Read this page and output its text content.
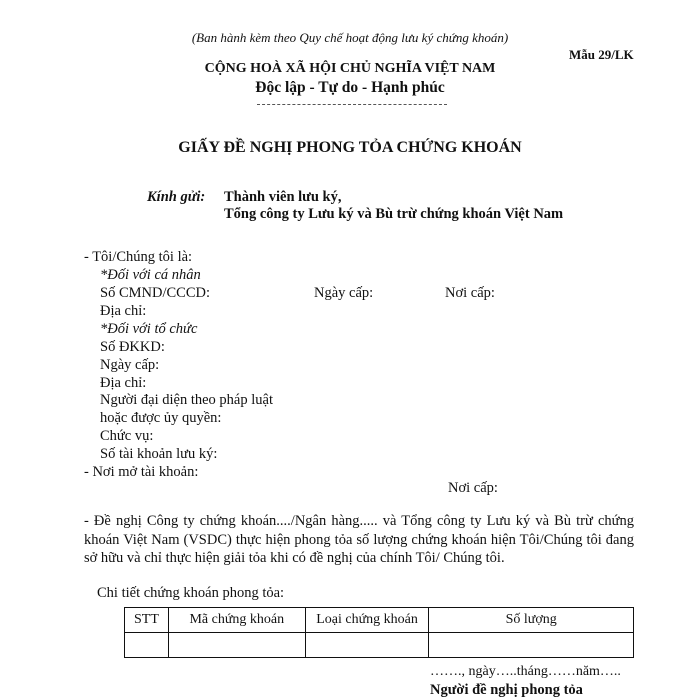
(Ban hành kèm theo Quy chế hoạt động lưu ký chứng khoán)
Mẫu 29/LK
CỘNG HOÀ XÃ HỘI CHỦ NGHĨA VIỆT NAM
Độc lập - Tự do - Hạnh phúc
GIẤY ĐỀ NGHỊ PHONG TỎA CHỨNG KHOÁN
Kính gửi: Thành viên lưu ký,
Tổng công ty Lưu ký và Bù trừ chứng khoán Việt Nam
- Tôi/Chúng tôi là:
*Đối với cá nhân
Số CMND/CCCD:	Ngày cấp:	Nơi cấp:
Địa chỉ:
*Đối với tổ chức
Số ĐKKD:
Ngày cấp:
Địa chỉ:
Người đại diện theo pháp luật
hoặc được ủy quyền:
Chức vụ:
Số tài khoản lưu ký:
- Nơi mở tài khoản:
Nơi cấp:
- Đề nghị Công ty chứng khoán..../Ngân hàng..... và Tổng công ty Lưu ký và Bù trừ chứng khoán Việt Nam (VSDC) thực hiện phong tỏa số lượng chứng khoán hiện Tôi/Chúng tôi đang sở hữu và chỉ thực hiện giải tỏa khi có đề nghị của chính Tôi/ Chúng tôi.
Chi tiết chứng khoán phong tỏa:
STT	Mã chứng khoán	Loại chứng khoán	Số lượng

……., ngày…..tháng……năm…..
Người đề nghị phong tỏa
